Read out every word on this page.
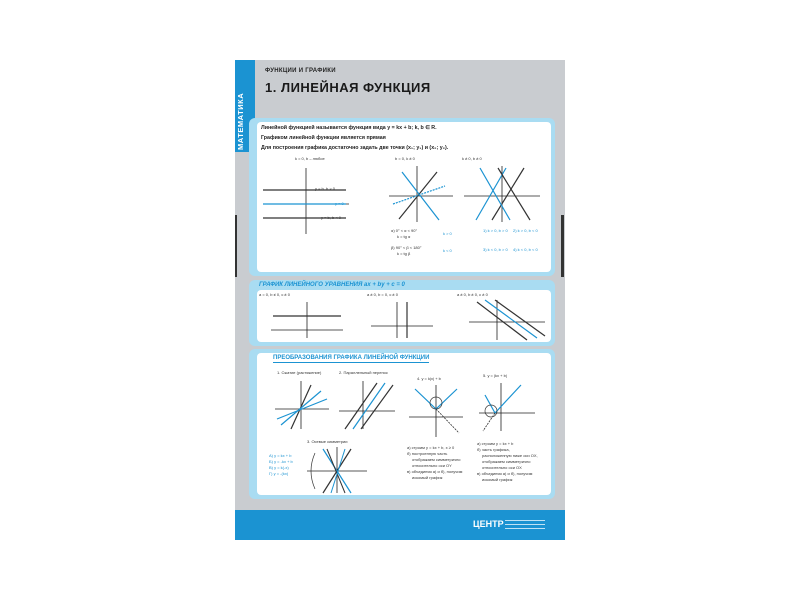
МАТЕМАТИКА
ФУНКЦИИ И ГРАФИКИ
1. ЛИНЕЙНАЯ ФУНКЦИЯ
Линейной функцией называется функция вида y = kx + b; k, b ∈ R.
Графиком линейной функции является прямая
Для построения графика достаточно задать две точки (x₁; y₁) и (x₂; y₂).
k = 0, b – любое	b = 0, k ≠ 0	k ≠ 0, b ≠ 0
y = b, b > 0
y = 0
y = b, b < 0
α) 0° < α < 90°
k = tg α
k > 0
β) 90° < β < 180°
k = tg β
k < 0
1) k > 0, b > 0 2) k > 0, b < 0
3) k < 0, b > 0 4) k < 0, b < 0
ГРАФИК ЛИНЕЙНОГО УРАВНЕНИЯ ax + by + c = 0
a = 0, b ≠ 0, c ≠ 0	a ≠ 0, b = 0, c ≠ 0	a ≠ 0, b ≠ 0, c ≠ 0
ПРЕОБРАЗОВАНИЯ ГРАФИКА ЛИНЕЙНОЙ ФУНКЦИИ
1. Сжатие (растяжение)	2. Параллельный перенос
4. y = k|x| + b
5. y = |kx + b|
3. Осевые симметрии
A) y = kx + b
Б) y = -kx + b
В) y = k(-x)
Г) y = -(kx)
а) строим y = kx + b, x ≥ 0
б) построенную часть
отображаем симметрично
относительно оси OY
в) объединяя а) и б), получим
искомый график
а) строим y = kx + b
б) часть графика,
расположенную ниже оси OX,
отображаем симметрично
относительно оси OX
в) объединяя а) и б), получим
искомый график
ЦЕНТР
